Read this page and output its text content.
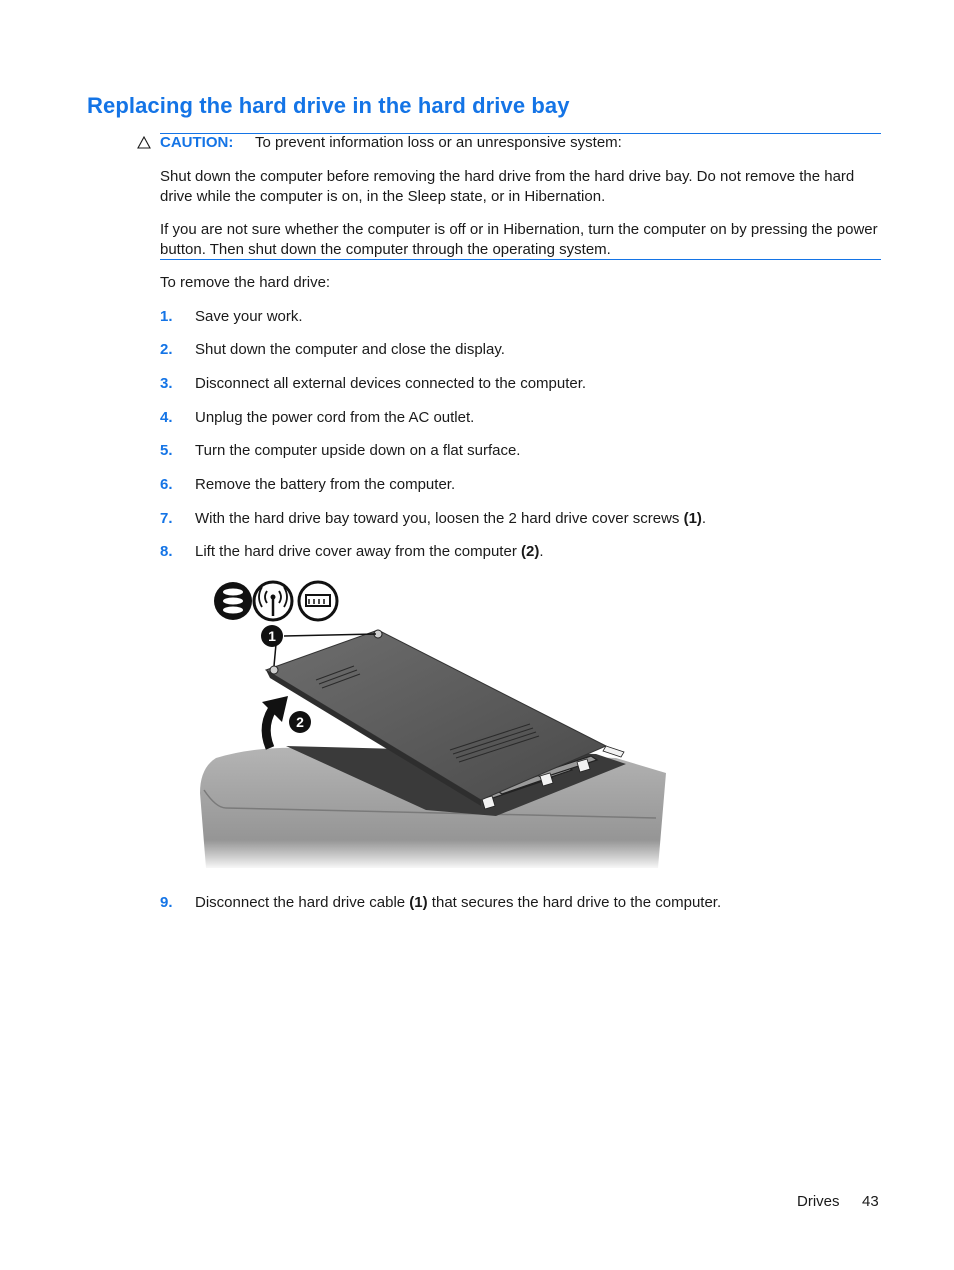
Replacing the hard drive in the hard drive bay
CAUTION: To prevent information loss or an unresponsive system:

Shut down the computer before removing the hard drive from the hard drive bay. Do not remove the hard drive while the computer is on, in the Sleep state, or in Hibernation.

If you are not sure whether the computer is off or in Hibernation, turn the computer on by pressing the power button. Then shut down the computer through the operating system.

To remove the hard drive:

1. Save your work.
2. Shut down the computer and close the display.
3. Disconnect all external devices connected to the computer.
4. Unplug the power cord from the AC outlet.
5. Turn the computer upside down on a flat surface.
6. Remove the battery from the computer.
7. With the hard drive bay toward you, loosen the 2 hard drive cover screws (1).
8. Lift the hard drive cover away from the computer (2).
1
2
9. Disconnect the hard drive cable (1) that secures the hard drive to the computer.
Drives 43
